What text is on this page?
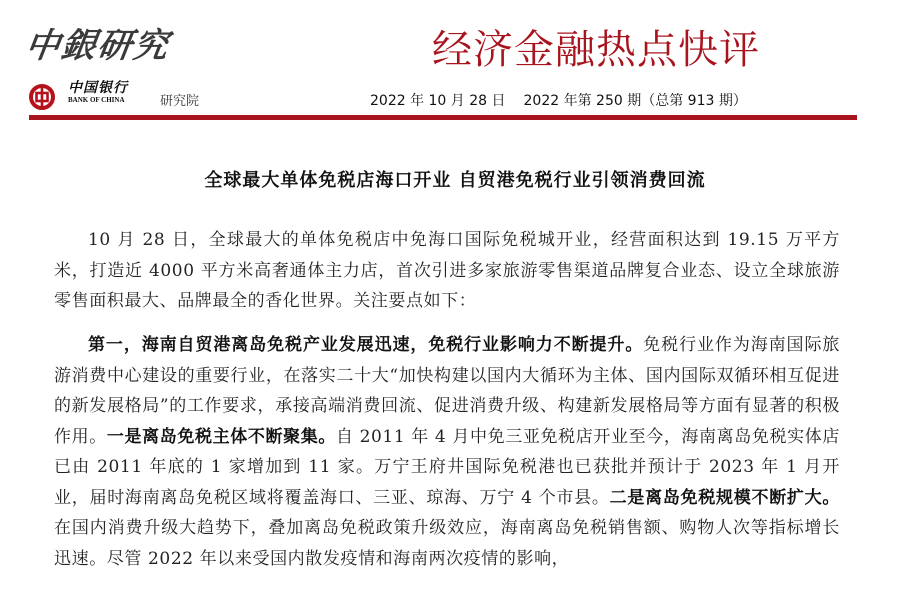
中銀研究	经济金融热点快评
中国银行
BANK OF CHINA	研究院	2022 年 10 月 28 日 2022 年第 250 期（总第 913 期）
全球最大单体免税店海口开业 自贸港免税行业引领消费回流

10 月 28 日，全球最大的单体免税店中免海口国际免税城开业，经营面积达到 19.15 万平方米，打造近 4000 平方米高奢通体主力店，首次引进多家旅游零售渠道品牌复合业态、设立全球旅游零售面积最大、品牌最全的香化世界。关注要点如下：

第一，海南自贸港离岛免税产业发展迅速，免税行业影响力不断提升。免税行业作为海南国际旅游消费中心建设的重要行业，在落实二十大“加快构建以国内大循环为主体、国内国际双循环相互促进的新发展格局”的工作要求，承接高端消费回流、促进消费升级、构建新发展格局等方面有显著的积极作用。一是离岛免税主体不断聚集。自 2011 年 4 月中免三亚免税店开业至今，海南离岛免税实体店已由 2011 年底的 1 家增加到 11 家。万宁王府井国际免税港也已获批并预计于 2023 年 1 月开业，届时海南离岛免税区域将覆盖海口、三亚、琼海、万宁 4 个市县。二是离岛免税规模不断扩大。在国内消费升级大趋势下，叠加离岛免税政策升级效应，海南离岛免税销售额、购物人次等指标增长迅速。尽管 2022 年以来受国内散发疫情和海南两次疫情的影响，
